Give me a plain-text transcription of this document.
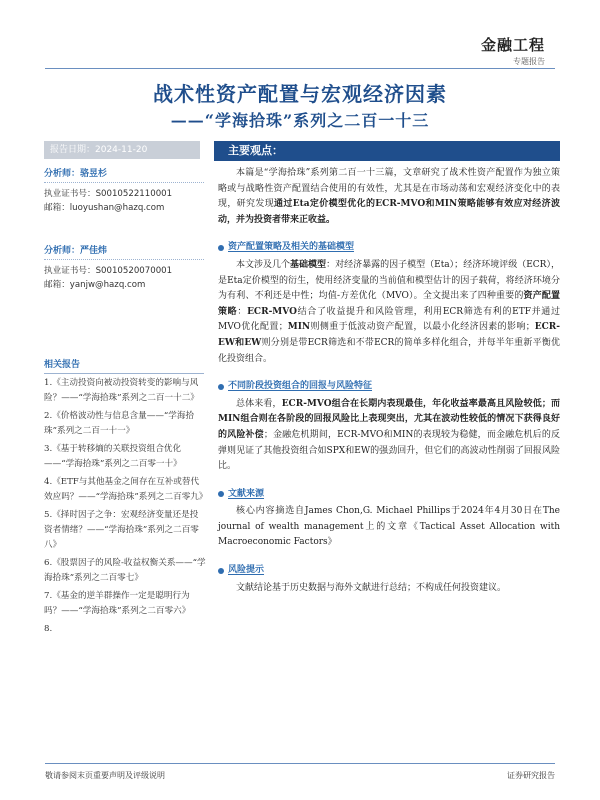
金融工程
专题报告
战术性资产配置与宏观经济因素
——“学海拾珠”系列之二百一十三
报告日期：2024-11-20
分析师：骆昱杉
执业证书号：S0010522110001
邮箱：luoyushan@hazq.com
分析师：严佳炜
执业证书号：S0010520070001
邮箱：yanjw@hazq.com
相关报告
1.《主动投资向被动投资转变的影响与风险？——“学海拾珠”系列之二百一十二》
2.《价格波动性与信息含量——“学海拾珠”系列之二百一十一》
3.《基于转移熵的关联投资组合优化——“学海拾珠”系列之二百零一十》
4.《ETF与其他基金之间存在互补或替代效应吗？——“学海拾珠”系列之二百零九》
5.《择时因子之争：宏观经济变量还是投资者情绪？——“学海拾珠”系列之二百零八》
6.《股票因子的风险-收益权衡关系——“学海拾珠”系列之二百零七》
7.《基金的逆羊群操作一定是聪明行为吗？——“学海拾珠”系列之二百零六》
8.
主要观点：

本篇是“学海拾珠”系列第二百一十三篇，文章研究了战术性资产配置作为独立策略或与战略性资产配置结合使用的有效性，尤其是在市场动荡和宏观经济变化中的表现，研究发现通过Eta定价模型优化的ECR-MVO和MIN策略能够有效应对经济波动，并为投资者带来正收益。

资产配置策略及相关的基础模型

本文涉及几个基础模型：对经济暴露的因子模型（Eta）；经济环境评级（ECR），是Eta定价模型的衍生，使用经济变量的当前值和模型估计的因子载荷，将经济环境分为有利、不利还是中性；均值-方差优化（MVO）。全文提出来了四种重要的资产配置策略：ECR-MVO结合了收益提升和风险管理，利用ECR筛选有利的ETF并通过MVO优化配置；MIN则侧重于低波动资产配置，以最小化经济因素的影响；ECR-EW和EW则分别是带ECR筛选和不带ECR的简单多样化组合，并每半年重新平衡优化投资组合。

不同阶段投资组合的回报与风险特征

总体来看，ECR-MVO组合在长期内表现最佳，年化收益率最高且风险较低；而MIN组合则在各阶段的回报风险比上表现突出，尤其在波动性较低的情况下获得良好的风险补偿；金融危机期间，ECR-MVO和MIN的表现较为稳健，而金融危机后的反弹则见证了其他投资组合如SPX和EW的强劲回升，但它们的高波动性削弱了回报风险比。

文献来源

核心内容摘选自James Chon,G. Michael Phillips于2024年4月30日在The journal of wealth management上的文章《Tactical Asset Allocation with Macroeconomic Factors》

风险提示

文献结论基于历史数据与海外文献进行总结；不构成任何投资建议。

敬请参阅末页重要声明及评级说明	证券研究报告
